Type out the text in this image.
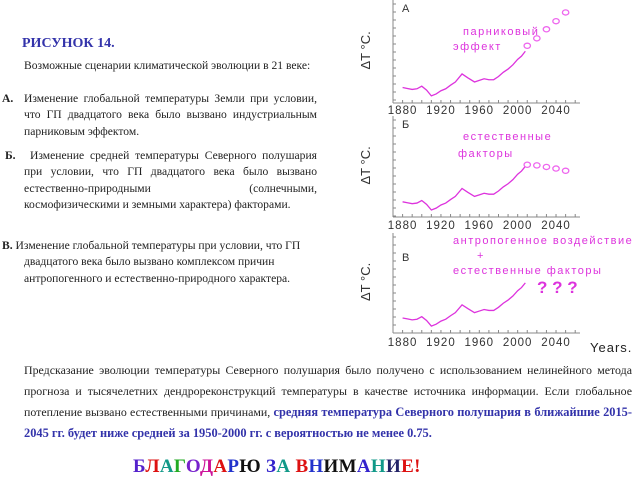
РИСУНОК 14.
Возможные сценарии климатической эволюции в 21 веке:
А. Изменение глобальной температуры Земли при условии, что ГП двадцатого века было вызвано индустриальным парниковым эффектом.
Б. Изменение средней температуры Северного полушария при условии, что ГП двадцатого века было вызвано естественно-природными (солнечными, космофизическими и земными характера) факторами.
В. Изменение глобальной температуры при условии, что ГП двадцатого века было вызвано комплексом причин антропогенного и естественно-природного характера.
1880 1920 1960 2000 2040
ΔT °C.
А
парниковый
эффект
1880 1920 1960 2000 2040
ΔT °C.
Б
естественные
факторы
1880 1920 1960 2000 2040
ΔT °C.
В
антропогенное воздействие
+
естественные факторы
? ? ?
Years.
Предсказание эволюции температуры Северного полушария было получено с использованием нелинейного метода прогноза и тысячелетних дендрореконструкций температуры в качестве источника информации. Если глобальное потепление вызвано естественными причинами, средняя температура Северного полушария в ближайшие 2015-2045 гг. будет ниже средней за 1950-2000 гг. с вероятностью не менее 0.75.
БЛАГОДАРЮ ЗА ВНИМАНИЕ!
